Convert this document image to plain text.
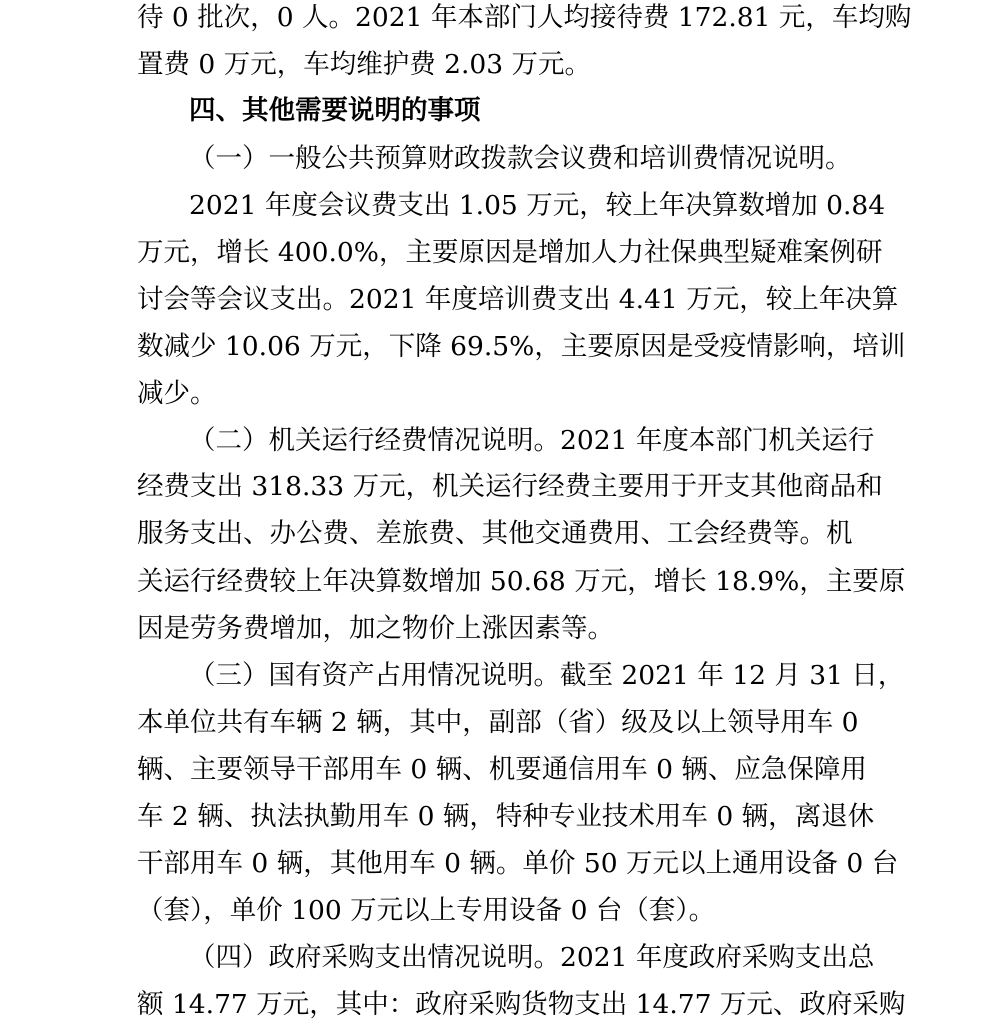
待 0 批次，0 人。2021 年本部门人均接待费 172.81 元，车均购

置费 0 万元，车均维护费 2.03 万元。

四、其他需要说明的事项

（一）一般公共预算财政拨款会议费和培训费情况说明。

2021 年度会议费支出 1.05 万元，较上年决算数增加 0.84

万元，增长 400.0%，主要原因是增加人力社保典型疑难案例研

讨会等会议支出。2021 年度培训费支出 4.41 万元，较上年决算

数减少 10.06 万元，下降 69.5%，主要原因是受疫情影响，培训

减少。

（二）机关运行经费情况说明。2021 年度本部门机关运行

经费支出 318.33 万元，机关运行经费主要用于开支其他商品和

服务支出、办公费、差旅费、其他交通费用、工会经费等。机

关运行经费较上年决算数增加 50.68 万元，增长 18.9%，主要原

因是劳务费增加，加之物价上涨因素等。

（三）国有资产占用情况说明。截至 2021 年 12 月 31 日，

本单位共有车辆 2 辆，其中，副部（省）级及以上领导用车 0

辆、主要领导干部用车 0 辆、机要通信用车 0 辆、应急保障用

车 2 辆、执法执勤用车 0 辆，特种专业技术用车 0 辆，离退休

干部用车 0 辆，其他用车 0 辆。单价 50 万元以上通用设备 0 台

（套），单价 100 万元以上专用设备 0 台（套）。

（四）政府采购支出情况说明。2021 年度政府采购支出总

额 14.77 万元，其中：政府采购货物支出 14.77 万元、政府采购
